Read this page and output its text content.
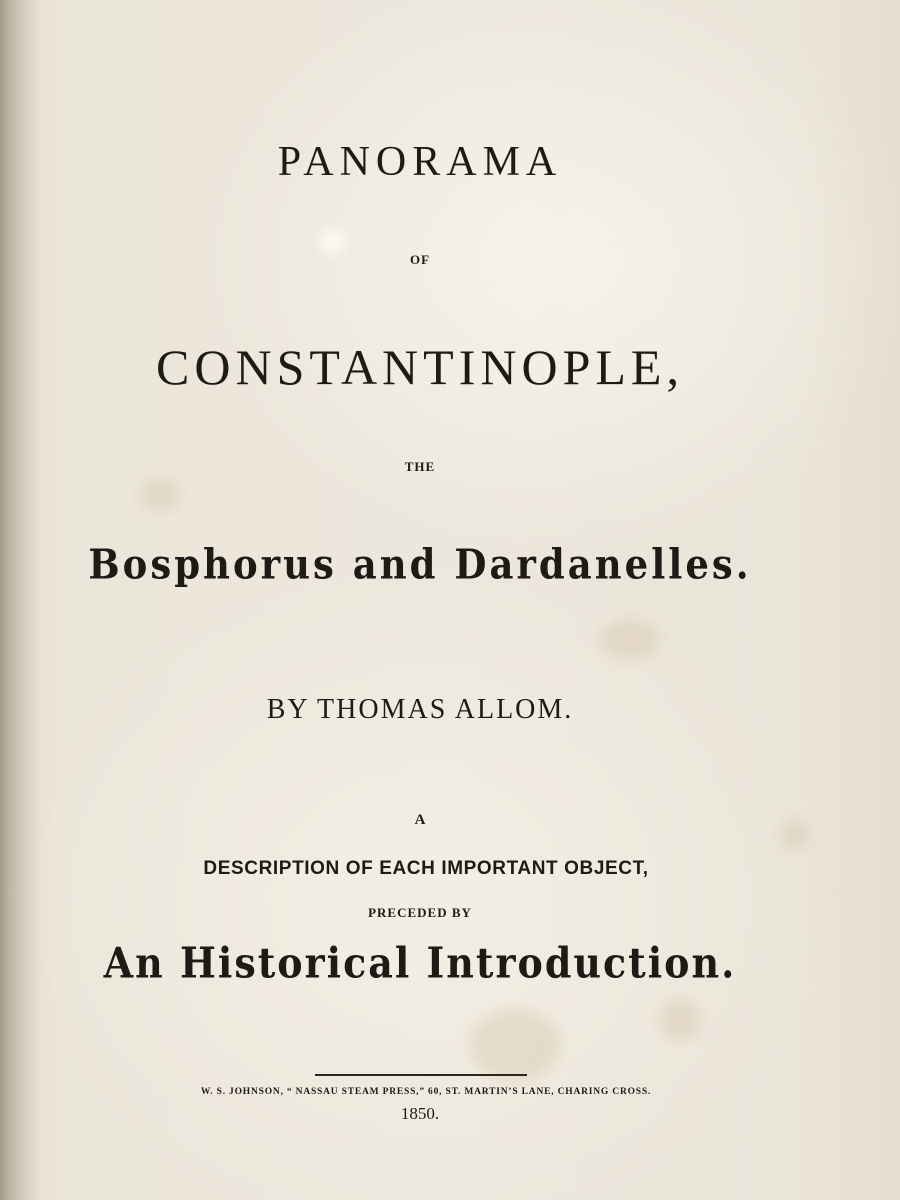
PANORAMA
OF
CONSTANTINOPLE,
THE
Bosphorus and Dardanelles.
BY THOMAS ALLOM.
A
DESCRIPTION OF EACH IMPORTANT OBJECT,
PRECEDED BY
An Historical Introduction.
W. S. JOHNSON, “ NASSAU STEAM PRESS,” 60, ST. MARTIN’S LANE, CHARING CROSS.
1850.
